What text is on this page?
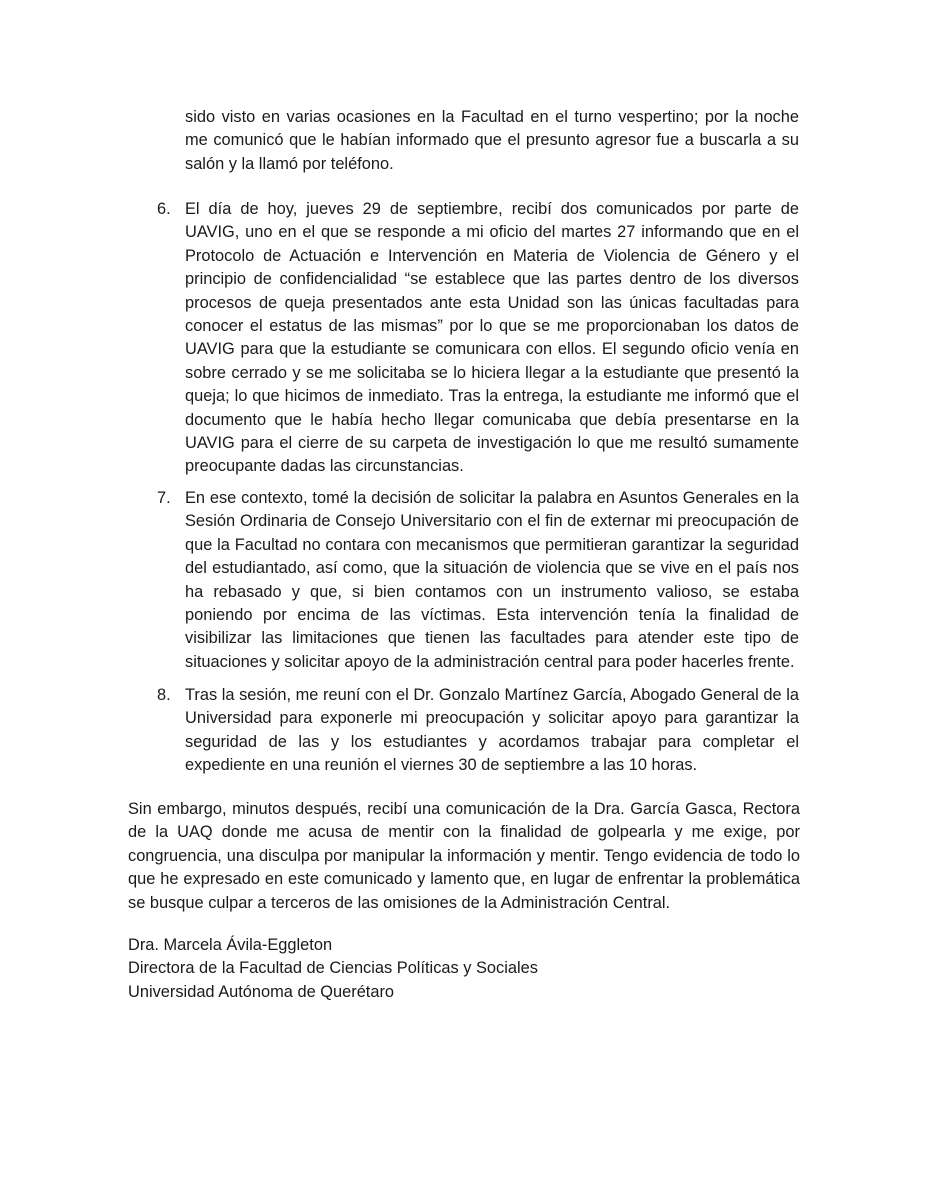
sido visto en varias ocasiones en la Facultad en el turno vespertino; por la noche me comunicó que le habían informado que el presunto agresor fue a buscarla a su salón y la llamó por teléfono.

6. El día de hoy, jueves 29 de septiembre, recibí dos comunicados por parte de UAVIG, uno en el que se responde a mi oficio del martes 27 informando que en el Protocolo de Actuación e Intervención en Materia de Violencia de Género y el principio de confidencialidad “se establece que las partes dentro de los diversos procesos de queja presentados ante esta Unidad son las únicas facultadas para conocer el estatus de las mismas” por lo que se me proporcionaban los datos de UAVIG para que la estudiante se comunicara con ellos. El segundo oficio venía en sobre cerrado y se me solicitaba se lo hiciera llegar a la estudiante que presentó la queja; lo que hicimos de inmediato. Tras la entrega, la estudiante me informó que el documento que le había hecho llegar comunicaba que debía presentarse en la UAVIG para el cierre de su carpeta de investigación lo que me resultó sumamente preocupante dadas las circunstancias.

7. En ese contexto, tomé la decisión de solicitar la palabra en Asuntos Generales en la Sesión Ordinaria de Consejo Universitario con el fin de externar mi preocupación de que la Facultad no contara con mecanismos que permitieran garantizar la seguridad del estudiantado, así como, que la situación de violencia que se vive en el país nos ha rebasado y que, si bien contamos con un instrumento valioso, se estaba poniendo por encima de las víctimas. Esta intervención tenía la finalidad de visibilizar las limitaciones que tienen las facultades para atender este tipo de situaciones y solicitar apoyo de la administración central para poder hacerles frente.

8. Tras la sesión, me reuní con el Dr. Gonzalo Martínez García, Abogado General de la Universidad para exponerle mi preocupación y solicitar apoyo para garantizar la seguridad de las y los estudiantes y acordamos trabajar para completar el expediente en una reunión el viernes 30 de septiembre a las 10 horas.

Sin embargo, minutos después, recibí una comunicación de la Dra. García Gasca, Rectora de la UAQ donde me acusa de mentir con la finalidad de golpearla y me exige, por congruencia, una disculpa por manipular la información y mentir. Tengo evidencia de todo lo que he expresado en este comunicado y lamento que, en lugar de enfrentar la problemática se busque culpar a terceros de las omisiones de la Administración Central.

Dra. Marcela Ávila-Eggleton
Directora de la Facultad de Ciencias Políticas y Sociales
Universidad Autónoma de Querétaro
